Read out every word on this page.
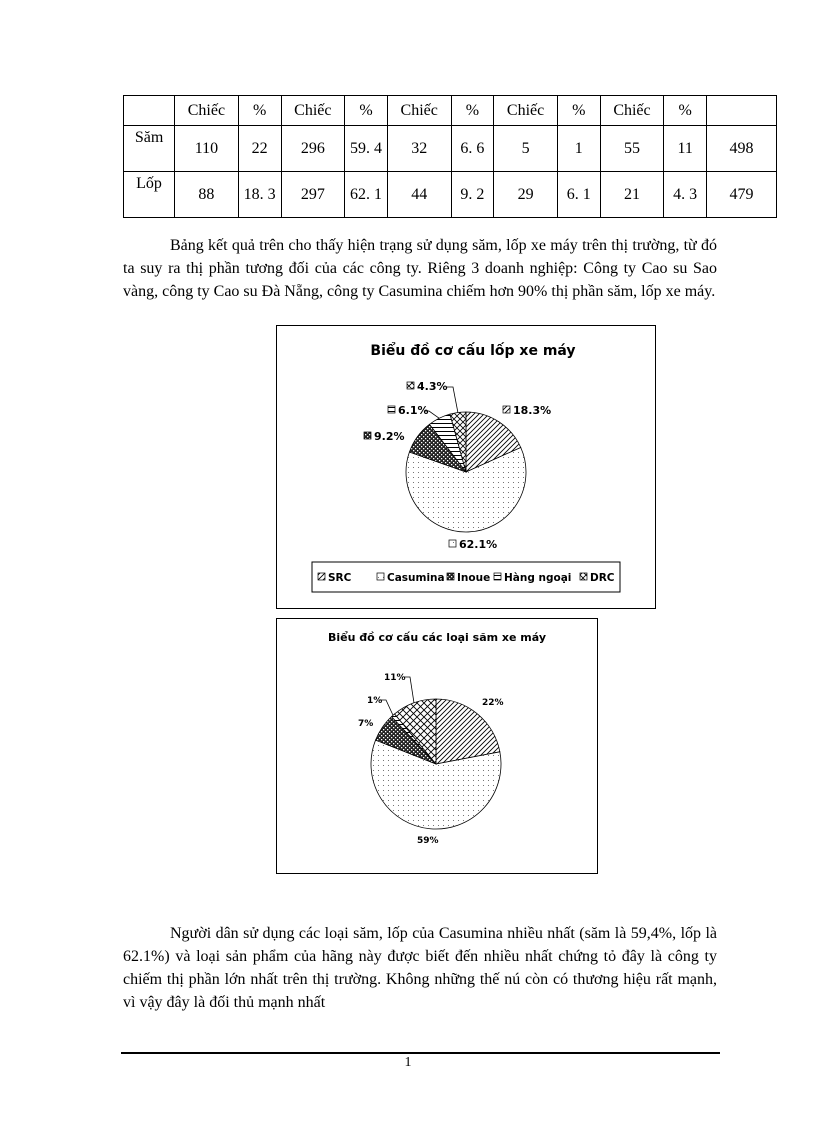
	Chiếc	%	Chiếc	%	Chiếc	%	Chiếc	%	Chiếc	%	
Săm	110	22	296	59. 4	32	6. 6	5	1	55	11	498
Lốp	88	18. 3	297	62. 1	44	9. 2	29	6. 1	21	4. 3	479

Bảng kết quả trên cho thấy hiện trạng sử dụng săm, lốp xe máy trên thị trường, từ đó ta suy ra thị phần tương đối của các công ty. Riêng 3 doanh nghiệp: Công ty Cao su Sao vàng, công ty Cao su Đà Nẵng, công ty Casumina chiếm hơn 90% thị phần săm, lốp xe máy.

Biểu đồ cơ cấu lốp xe máy
18.3%
62.1%
9.2%
6.1%
4.3%
SRC	Casumina Inoue Hàng ngoại DRC
Biểu đồ cơ cấu các loại săm xe máy
22%
59%
7%
1%
11%

Người dân sử dụng các loại săm, lốp của Casumina nhiều nhất (săm là 59,4%, lốp là 62.1%) và loại sản phẩm của hãng này được biết đến nhiều nhất chứng tỏ đây là công ty chiếm thị phần lớn nhất trên thị trường. Không những thế nú còn có thương hiệu rất mạnh, vì vậy đây là đối thủ mạnh nhất

1
